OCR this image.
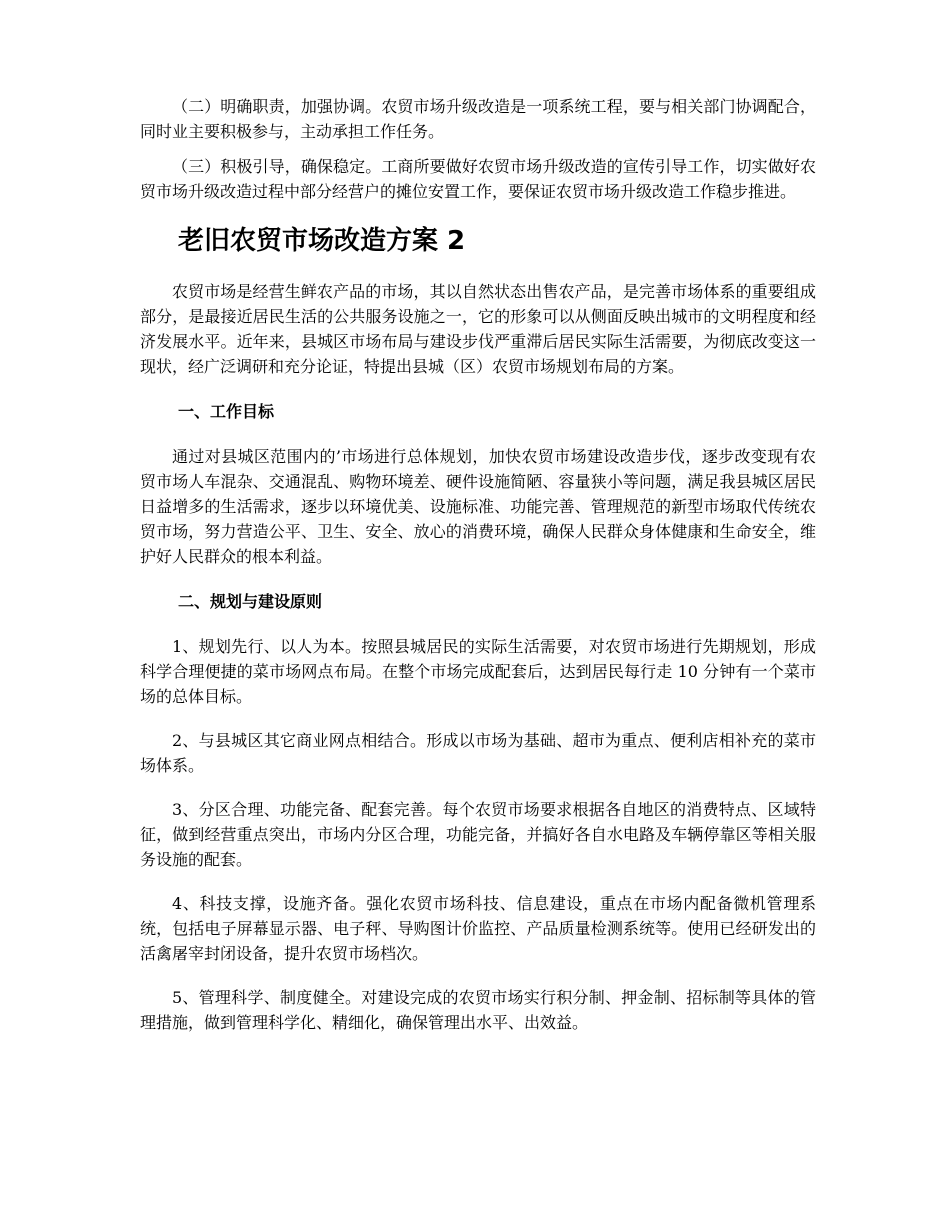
（二）明确职责，加强协调。农贸市场升级改造是一项系统工程，要与相关部门协调配合，同时业主要积极参与，主动承担工作任务。

（三）积极引导，确保稳定。工商所要做好农贸市场升级改造的宣传引导工作，切实做好农贸市场升级改造过程中部分经营户的摊位安置工作，要保证农贸市场升级改造工作稳步推进。

老旧农贸市场改造方案 2

农贸市场是经营生鲜农产品的市场，其以自然状态出售农产品，是完善市场体系的重要组成部分，是最接近居民生活的公共服务设施之一，它的形象可以从侧面反映出城市的文明程度和经济发展水平。近年来，县城区市场布局与建设步伐严重滞后居民实际生活需要，为彻底改变这一现状，经广泛调研和充分论证，特提出县城（区）农贸市场规划布局的方案。

一、工作目标

通过对县城区范围内的’市场进行总体规划，加快农贸市场建设改造步伐，逐步改变现有农贸市场人车混杂、交通混乱、购物环境差、硬件设施简陋、容量狭小等问题，满足我县城区居民日益增多的生活需求，逐步以环境优美、设施标准、功能完善、管理规范的新型市场取代传统农贸市场，努力营造公平、卫生、安全、放心的消费环境，确保人民群众身体健康和生命安全，维护好人民群众的根本利益。

二、规划与建设原则

1、规划先行、以人为本。按照县城居民的实际生活需要，对农贸市场进行先期规划，形成科学合理便捷的菜市场网点布局。在整个市场完成配套后，达到居民每行走 10 分钟有一个菜市场的总体目标。

2、与县城区其它商业网点相结合。形成以市场为基础、超市为重点、便利店相补充的菜市场体系。

3、分区合理、功能完备、配套完善。每个农贸市场要求根据各自地区的消费特点、区域特征，做到经营重点突出，市场内分区合理，功能完备，并搞好各自水电路及车辆停靠区等相关服务设施的配套。

4、科技支撑，设施齐备。强化农贸市场科技、信息建设，重点在市场内配备微机管理系统，包括电子屏幕显示器、电子秤、导购图计价监控、产品质量检测系统等。使用已经研发出的活禽屠宰封闭设备，提升农贸市场档次。

5、管理科学、制度健全。对建设完成的农贸市场实行积分制、押金制、招标制等具体的管理措施，做到管理科学化、精细化，确保管理出水平、出效益。
